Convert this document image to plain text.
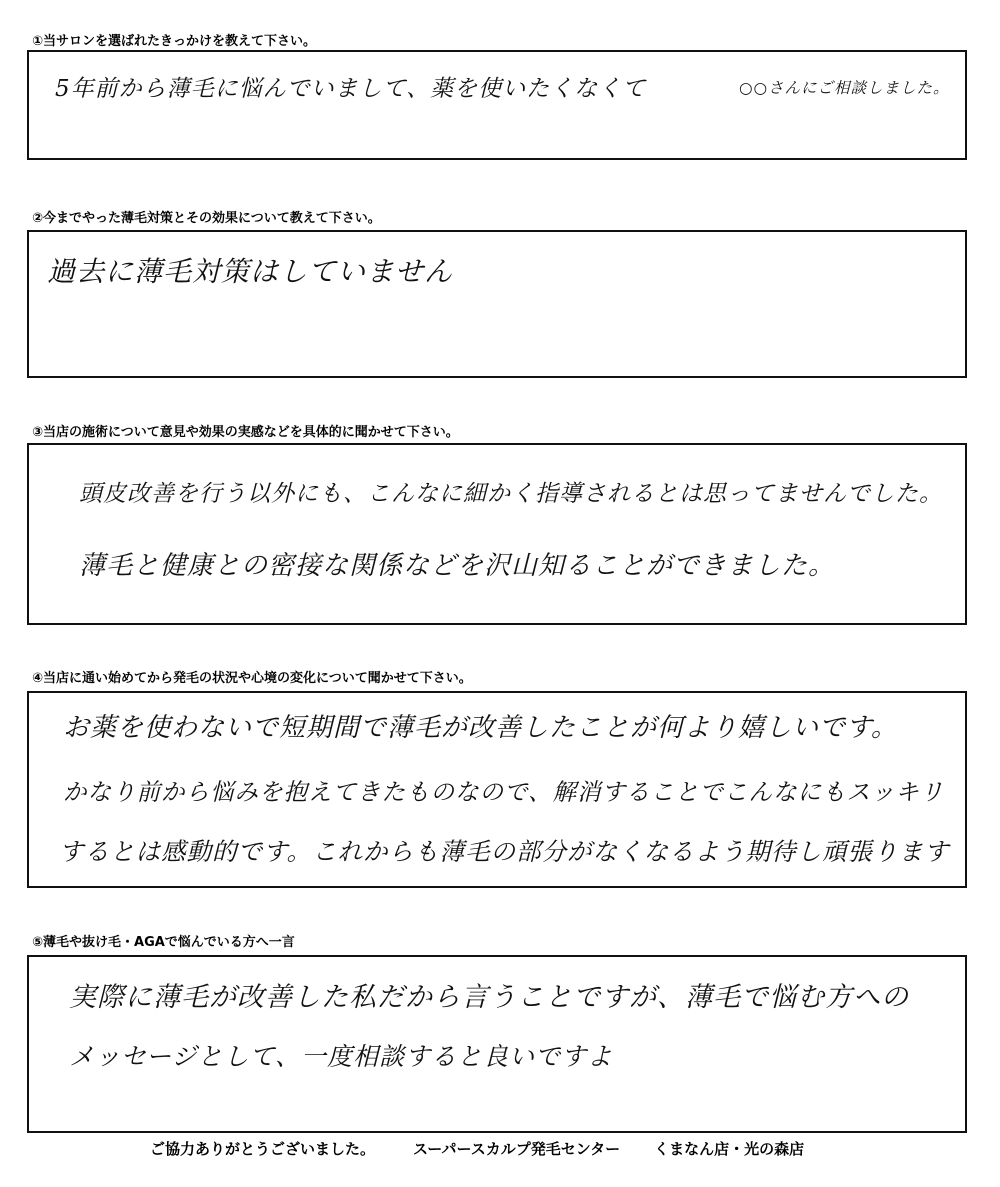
①当サロンを選ばれたきっかけを教えて下さい。
5年前から薄毛に悩んでいまして、薬を使いたくなくて	○○さんにご相談しました。
②今までやった薄毛対策とその効果について教えて下さい。
過去に薄毛対策はしていません
③当店の施術について意見や効果の実感などを具体的に聞かせて下さい。
頭皮改善を行う以外にも、こんなに細かく指導されるとは思ってませんでした。
薄毛と健康との密接な関係などを沢山知ることができました。
④当店に通い始めてから発毛の状況や心境の変化について聞かせて下さい。
お薬を使わないで短期間で薄毛が改善したことが何より嬉しいです。
かなり前から悩みを抱えてきたものなので、解消することでこんなにもスッキリ
するとは感動的です。これからも薄毛の部分がなくなるよう期待し頑張ります
⑤薄毛や抜け毛・AGAで悩んでいる方へ一言
実際に薄毛が改善した私だから言うことですが、薄毛で悩む方への
メッセージとして、一度相談すると良いですよ
ご協力ありがとうございました。	スーパースカルプ発毛センター くまなん店・光の森店
